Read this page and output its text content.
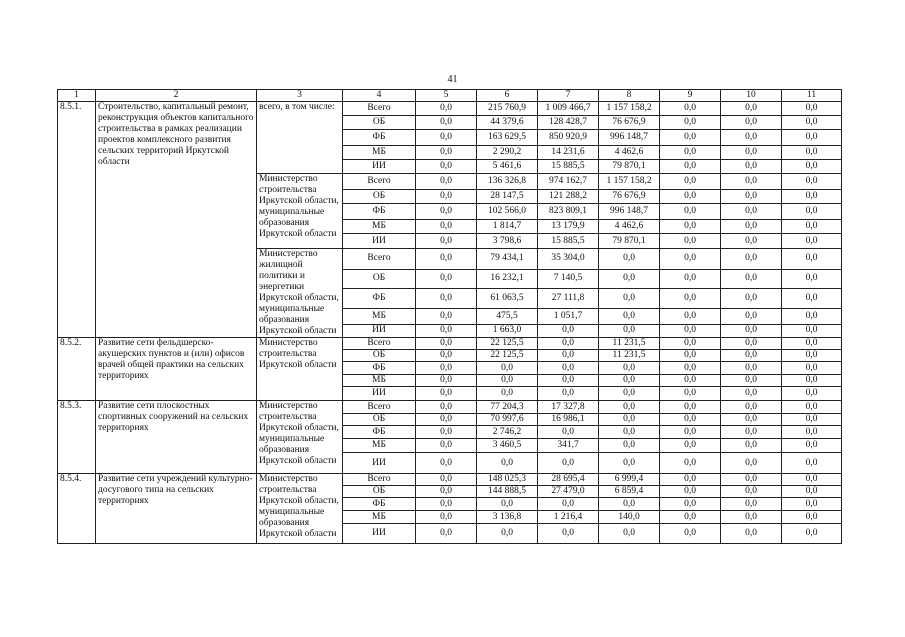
41
1	2	3	4	5	6	7	8	9	10	11
8.5.1.	Строительство, капитальный ремонт, реконструкция объектов капитального строительства в рамках реализации проектов комплексного развития сельских территорий Иркутской области	всего, в том числе:	Всего	0,0	215 760,9	1 009 466,7	1 157 158,2	0,0	0,0	0,0
			ОБ	0,0	44 379,6	128 428,7	76 676,9	0,0	0,0	0,0
			ФБ	0,0	163 629,5	850 920,9	996 148,7	0,0	0,0	0,0
			МБ	0,0	2 290,2	14 231,6	4 462,6	0,0	0,0	0,0
			ИИ	0,0	5 461,6	15 885,5	79 870,1	0,0	0,0	0,0
		Министерство строительства Иркутской области, муниципальные образования Иркутской области	Всего	0,0	136 326,8	974 162,7	1 157 158,2	0,0	0,0	0,0
			ОБ	0,0	28 147,5	121 288,2	76 676,9	0,0	0,0	0,0
			ФБ	0,0	102 566,0	823 809,1	996 148,7	0,0	0,0	0,0
			МБ	0,0	1 814,7	13 179,9	4 462,6	0,0	0,0	0,0
			ИИ	0,0	3 798,6	15 885,5	79 870,1	0,0	0,0	0,0
		Министерство жилищной политики и энергетики Иркутской области, муниципальные образования Иркутской области	Всего	0,0	79 434,1	35 304,0	0,0	0,0	0,0	0,0
			ОБ	0,0	16 232,1	7 140,5	0,0	0,0	0,0	0,0
			ФБ	0,0	61 063,5	27 111,8	0,0	0,0	0,0	0,0
			МБ	0,0	475,5	1 051,7	0,0	0,0	0,0	0,0
			ИИ	0,0	1 663,0	0,0	0,0	0,0	0,0	0,0
8.5.2.	Развитие сети фельдшерско-акушерских пунктов и (или) офисов врачей общей практики на сельских территориях	Министерство строительства Иркутской области	Всего	0,0	22 125,5	0,0	11 231,5	0,0	0,0	0,0
			ОБ	0,0	22 125,5	0,0	11 231,5	0,0	0,0	0,0
			ФБ	0,0	0,0	0,0	0,0	0,0	0,0	0,0
			МБ	0,0	0,0	0,0	0,0	0,0	0,0	0,0
			ИИ	0,0	0,0	0,0	0,0	0,0	0,0	0,0
8.5.3.	Развитие сети плоскостных спортивных сооружений на сельских территориях	Министерство строительства Иркутской области, муниципальные образования Иркутской области	Всего	0,0	77 204,3	17 327,8	0,0	0,0	0,0	0,0
			ОБ	0,0	70 997,6	16 986,1	0,0	0,0	0,0	0,0
			ФБ	0,0	2 746,2	0,0	0,0	0,0	0,0	0,0
			МБ	0,0	3 460,5	341,7	0,0	0,0	0,0	0,0
			ИИ	0,0	0,0	0,0	0,0	0,0	0,0	0,0
8.5.4.	Развитие сети учреждений культурно-досугового типа на сельских территориях	Министерство строительства Иркутской области, муниципальные образования Иркутской области	Всего	0,0	148 025,3	28 695,4	6 999,4	0,0	0,0	0,0
			ОБ	0,0	144 888,5	27 479,0	6 859,4	0,0	0,0	0,0
			ФБ	0,0	0,0	0,0	0,0	0,0	0,0	0,0
			МБ	0,0	3 136,8	1 216,4	140,0	0,0	0,0	0,0
			ИИ	0,0	0,0	0,0	0,0	0,0	0,0	0,0
